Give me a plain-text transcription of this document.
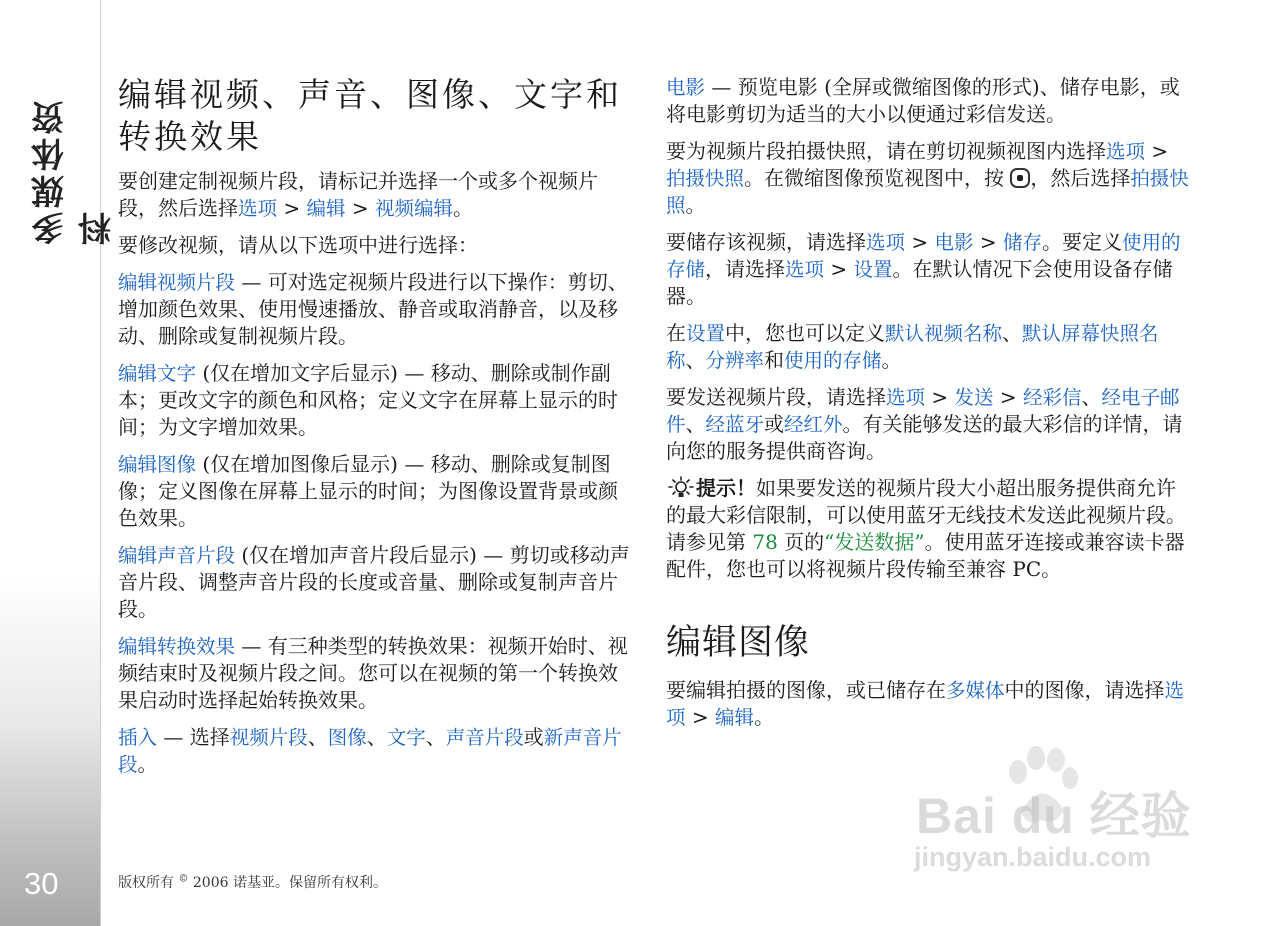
多媒体资料
30
编辑视频、声音、图像、文字和转换效果

要创建定制视频片段，请标记并选择一个或多个视频片段，然后选择选项 > 编辑 > 视频编辑。

要修改视频，请从以下选项中进行选择：

编辑视频片段 — 可对选定视频片段进行以下操作：剪切、增加颜色效果、使用慢速播放、静音或取消静音，以及移动、删除或复制视频片段。

编辑文字 (仅在增加文字后显示) — 移动、删除或制作副本；更改文字的颜色和风格；定义文字在屏幕上显示的时间；为文字增加效果。

编辑图像 (仅在增加图像后显示) — 移动、删除或复制图像；定义图像在屏幕上显示的时间；为图像设置背景或颜色效果。

编辑声音片段 (仅在增加声音片段后显示) — 剪切或移动声音片段、调整声音片段的长度或音量、删除或复制声音片段。

编辑转换效果 — 有三种类型的转换效果：视频开始时、视频结束时及视频片段之间。您可以在视频的第一个转换效果启动时选择起始转换效果。

插入 — 选择视频片段、图像、文字、声音片段或新声音片段。

电影 — 预览电影 (全屏或微缩图像的形式)、储存电影，或将电影剪切为适当的大小以便通过彩信发送。

要为视频片段拍摄快照，请在剪切视频视图内选择选项 > 拍摄快照。在微缩图像预览视图中，按 ，然后选择拍摄快照。

要储存该视频，请选择选项 > 电影 > 储存。要定义使用的存储，请选择选项 > 设置。在默认情况下会使用设备存储器。

在设置中，您也可以定义默认视频名称、默认屏幕快照名称、分辨率和使用的存储。

要发送视频片段，请选择选项 > 发送 > 经彩信、经电子邮件、经蓝牙或经红外。有关能够发送的最大彩信的详情，请向您的服务提供商咨询。

提示！如果要发送的视频片段大小超出服务提供商允许的最大彩信限制，可以使用蓝牙无线技术发送此视频片段。请参见第 78 页的“发送数据”。使用蓝牙连接或兼容读卡器配件，您也可以将视频片段传输至兼容 PC。

编辑图像

要编辑拍摄的图像，或已储存在多媒体中的图像，请选择选项 > 编辑。

版权所有 © 2006 诺基亚。保留所有权利。
Bai du 经验
jingyan.baidu.com
